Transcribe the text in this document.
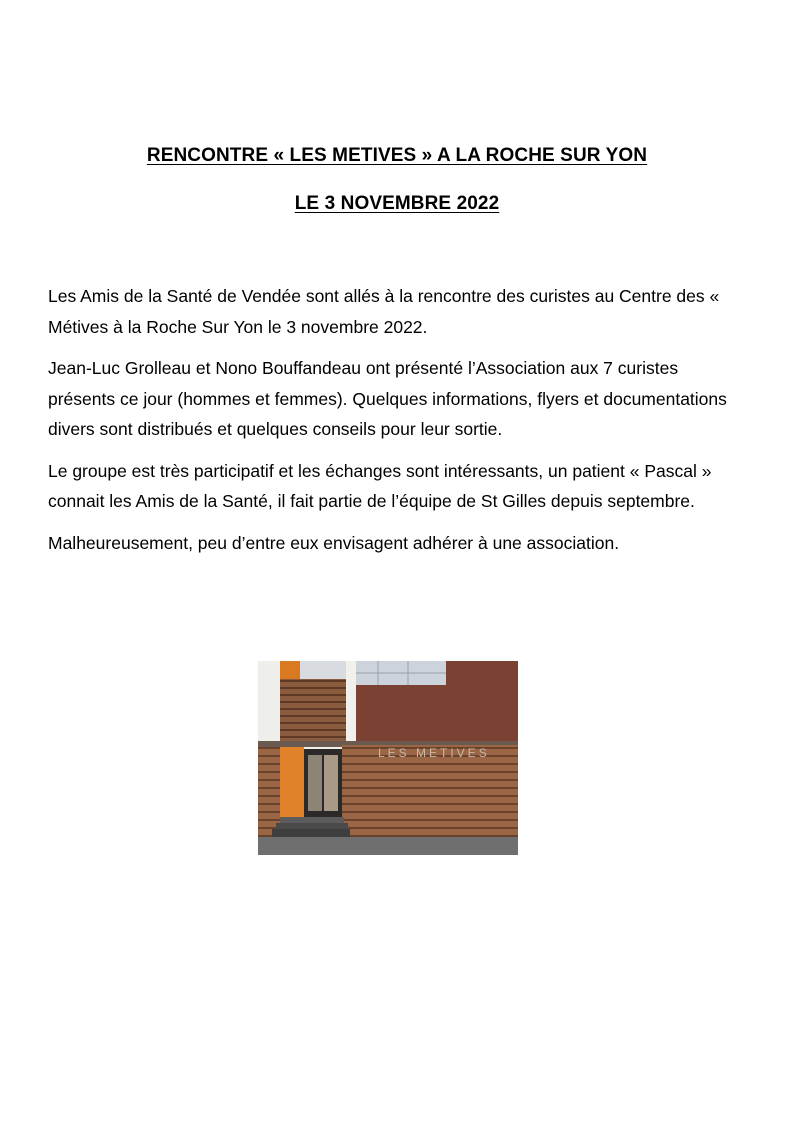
RENCONTRE « LES METIVES » A LA ROCHE SUR YON
LE 3 NOVEMBRE 2022

Les Amis de la Santé de Vendée sont allés à la rencontre des curistes au Centre des « Métives à la Roche Sur Yon le 3 novembre 2022.

Jean-Luc Grolleau et Nono Bouffandeau ont présenté l’Association aux 7 curistes présents ce jour (hommes et femmes). Quelques informations, flyers et documentations divers sont distribués et quelques conseils pour leur sortie.

Le groupe est très participatif et les échanges sont intéressants, un patient « Pascal » connait les Amis de la Santé, il fait partie de l’équipe de St Gilles depuis septembre.

Malheureusement, peu d’entre eux envisagent adhérer à une association.

LES METIVES
